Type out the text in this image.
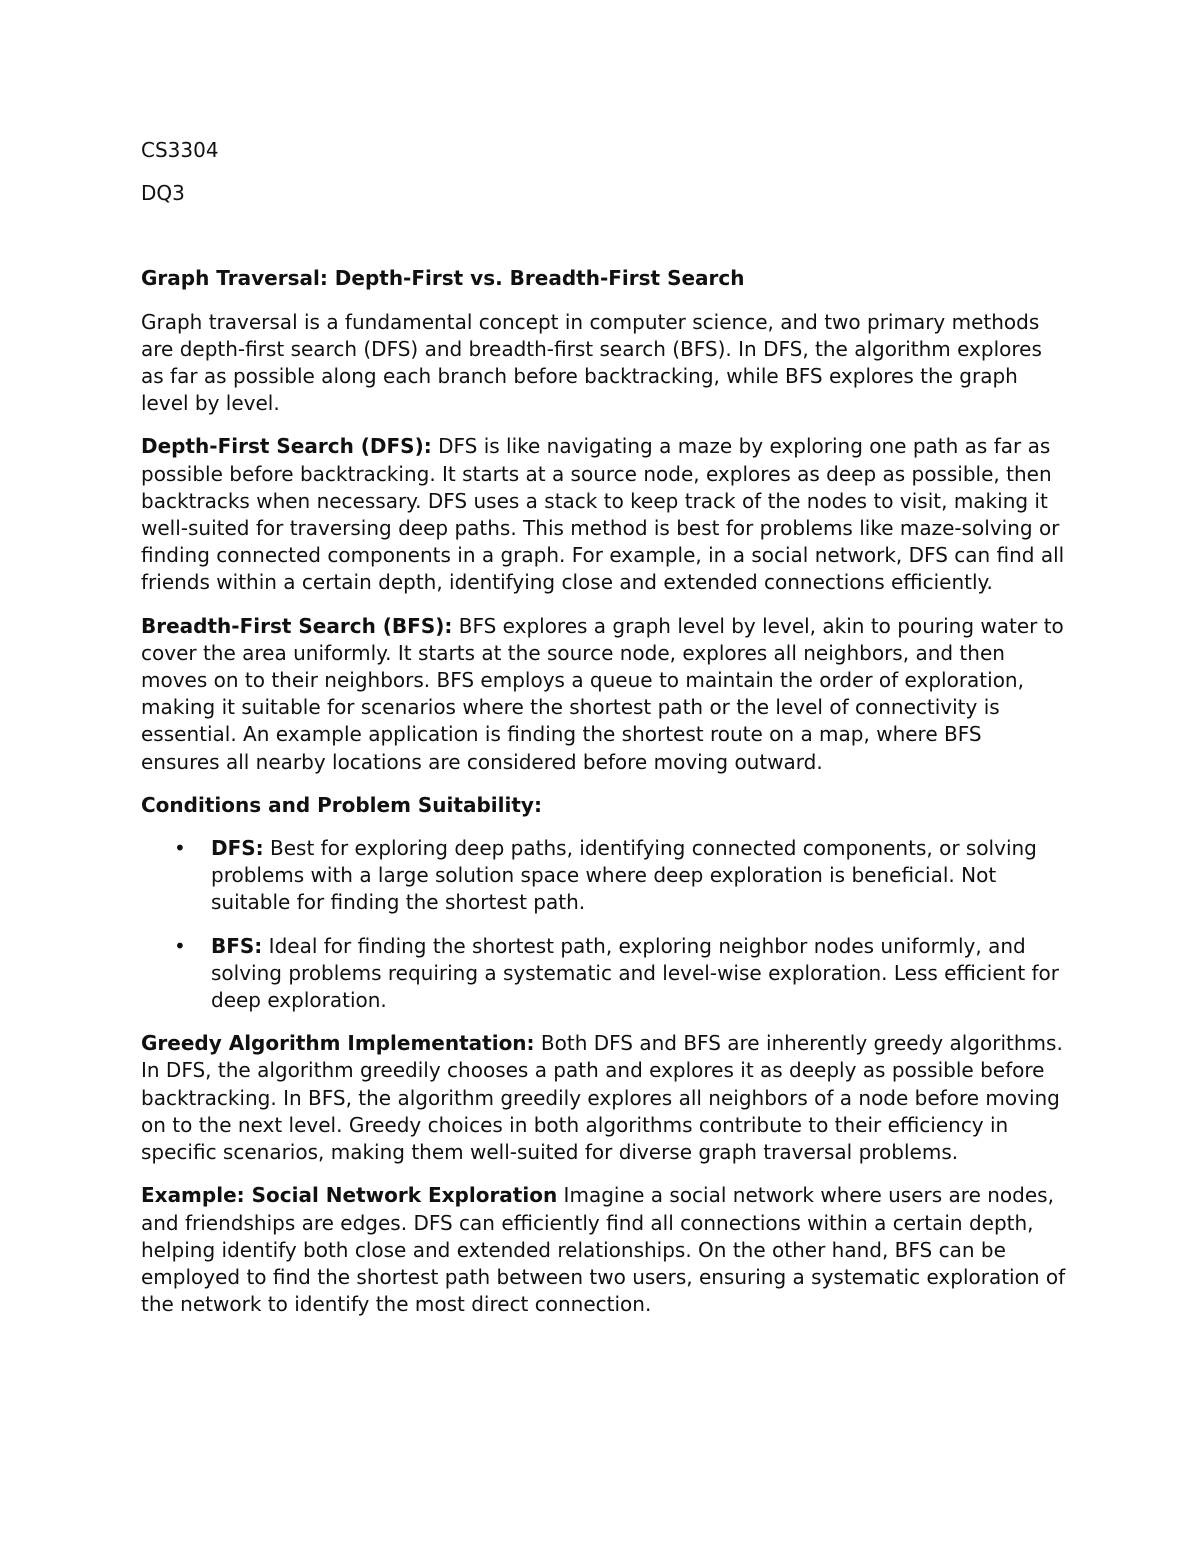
CS3304

DQ3

Graph Traversal: Depth-First vs. Breadth-First Search

Graph traversal is a fundamental concept in computer science, and two primary methods are depth-first search (DFS) and breadth-first search (BFS). In DFS, the algorithm explores as far as possible along each branch before backtracking, while BFS explores the graph level by level.

Depth-First Search (DFS): DFS is like navigating a maze by exploring one path as far as possible before backtracking. It starts at a source node, explores as deep as possible, then backtracks when necessary. DFS uses a stack to keep track of the nodes to visit, making it well-suited for traversing deep paths. This method is best for problems like maze-solving or finding connected components in a graph. For example, in a social network, DFS can find all friends within a certain depth, identifying close and extended connections efficiently.

Breadth-First Search (BFS): BFS explores a graph level by level, akin to pouring water to cover the area uniformly. It starts at the source node, explores all neighbors, and then moves on to their neighbors. BFS employs a queue to maintain the order of exploration, making it suitable for scenarios where the shortest path or the level of connectivity is essential. An example application is finding the shortest route on a map, where BFS ensures all nearby locations are considered before moving outward.

Conditions and Problem Suitability:

• DFS: Best for exploring deep paths, identifying connected components, or solving problems with a large solution space where deep exploration is beneficial. Not suitable for finding the shortest path.
• BFS: Ideal for finding the shortest path, exploring neighbor nodes uniformly, and solving problems requiring a systematic and level-wise exploration. Less efficient for deep exploration.

Greedy Algorithm Implementation: Both DFS and BFS are inherently greedy algorithms. In DFS, the algorithm greedily chooses a path and explores it as deeply as possible before backtracking. In BFS, the algorithm greedily explores all neighbors of a node before moving on to the next level. Greedy choices in both algorithms contribute to their efficiency in specific scenarios, making them well-suited for diverse graph traversal problems.

Example: Social Network Exploration Imagine a social network where users are nodes, and friendships are edges. DFS can efficiently find all connections within a certain depth, helping identify both close and extended relationships. On the other hand, BFS can be employed to find the shortest path between two users, ensuring a systematic exploration of the network to identify the most direct connection.
